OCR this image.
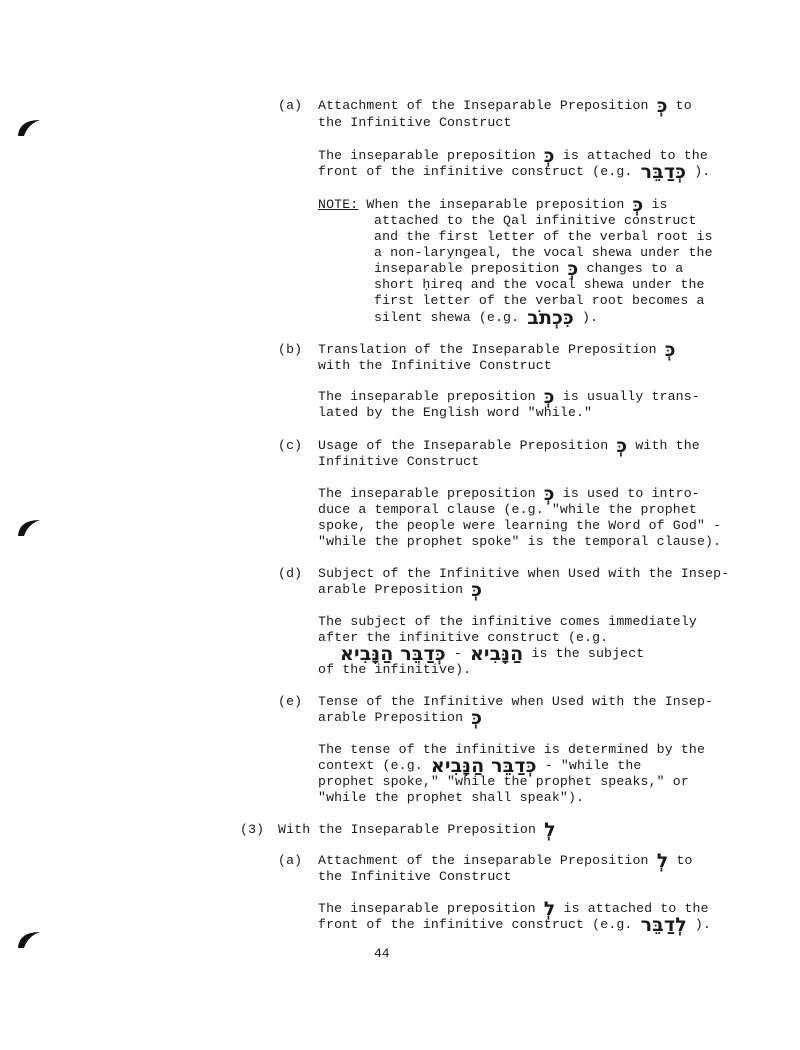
(a) Attachment of the Inseparable Preposition כְּ to
the Infinitive Construct
The inseparable preposition כְּ is attached to the
front of the infinitive construct (e.g. כְּדַבֵּר ).
NOTE: When the inseparable preposition כְּ is
attached to the Qal infinitive construct
and the first letter of the verbal root is
a non-laryngeal, the vocal shewa under the
inseparable preposition כְּ changes to a
short ḥireq and the vocal shewa under the
first letter of the verbal root becomes a
silent shewa (e.g. כִּכְתֹב ).
(b) Translation of the Inseparable Preposition כְּ
with the Infinitive Construct
The inseparable preposition כְּ is usually trans-
lated by the English word "while."
(c) Usage of the Inseparable Preposition כְּ with the
Infinitive Construct
The inseparable preposition כְּ is used to intro-
duce a temporal clause (e.g. "while the prophet
spoke, the people were learning the Word of God" -
"while the prophet spoke" is the temporal clause).
(d) Subject of the Infinitive when Used with the Insep-
arable Preposition כְּ
The subject of the infinitive comes immediately
after the infinitive construct (e.g.
כְּדַבֵּר הַנָּבִיא - הַנָּבִיא is the subject
of the infinitive).
(e) Tense of the Infinitive when Used with the Insep-
arable Preposition כְּ
The tense of the infinitive is determined by the
context (e.g. כְּדַבֵּר הַנָּבִיא - "while the
prophet spoke," "while the prophet speaks," or
"while the prophet shall speak").
(3) With the Inseparable Preposition לְ
(a) Attachment of the inseparable Preposition לְ to
the Infinitive Construct
The inseparable preposition לְ is attached to the
front of the infinitive construct (e.g. לְדַבֵּר ).
44
